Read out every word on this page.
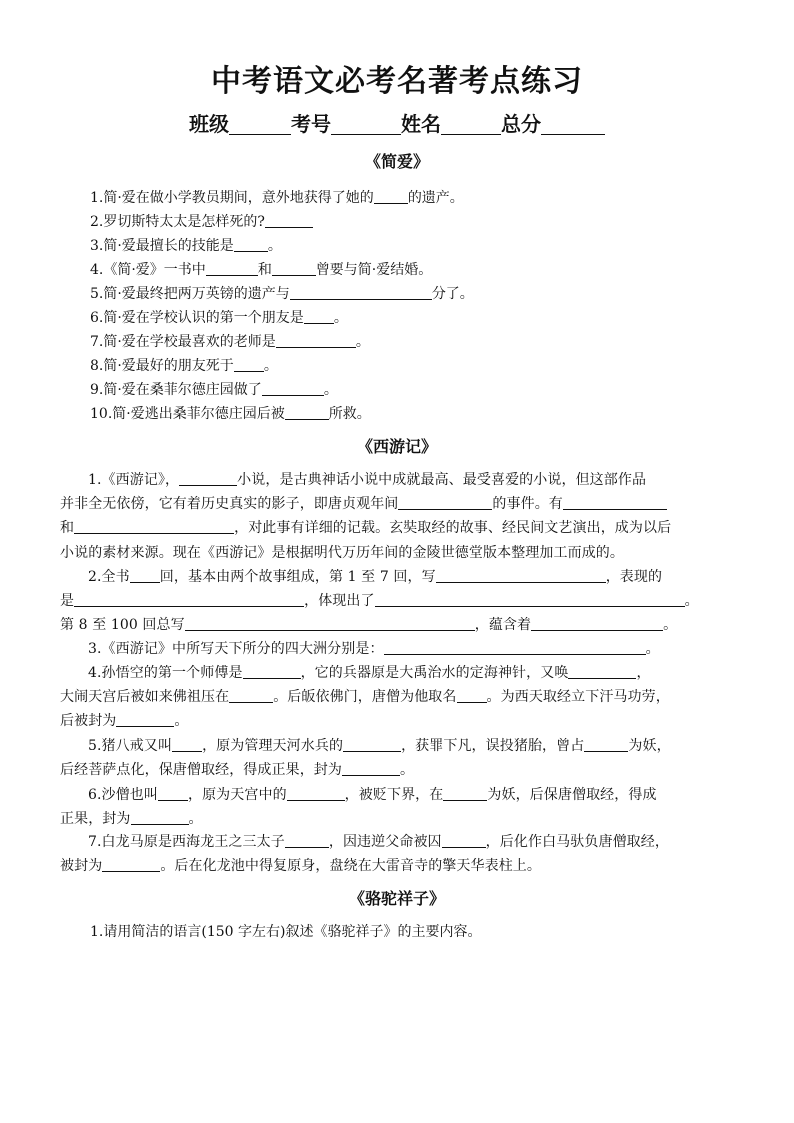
中考语文必考名著考点练习
班级	考号	姓名	总分
《简爱》

1.简·爱在做小学教员期间，意外地获得了她的 的遗产。

2.罗切斯特太太是怎样死的?

3.简·爱最擅长的技能是 。

4.《简·爱》一书中	和	曾要与简·爱结婚。

5.简·爱最终把两万英镑的遗产与	分了。

6.简·爱在学校认识的第一个朋友是 。

7.简·爱在学校最喜欢的老师是	。

8.简·爱最好的朋友死于 。

9.简·爱在桑菲尔德庄园做了	。

10.简·爱逃出桑菲尔德庄园后被	所救。

《西游记》
1.《西游记》，	小说，是古典神话小说中成就最高、最受喜爱的小说，但这部作品
并非全无依傍，它有着历史真实的影子，即唐贞观年间	的事件。有
和	，对此事有详细的记载。玄奘取经的故事、经民间文艺演出，成为以后
小说的素材来源。现在《西游记》是根据明代万历年间的金陵世德堂版本整理加工而成的。
2.全书 回，基本由两个故事组成，第 1 至 7 回，写	，表现的
是	，体现出了	。
第 8 至 100 回总写	，蕴含着	。
3.《西游记》中所写天下所分的四大洲分别是：	。
4.孙悟空的第一个师傅是	，它的兵器原是大禹治水的定海神针，又唤	，
大闹天宫后被如来佛祖压在	。后皈依佛门，唐僧为他取名 。为西天取经立下汗马功劳，
后被封为	。
5.猪八戒又叫 ，原为管理天河水兵的	，获罪下凡，误投猪胎，曾占	为妖，
后经菩萨点化，保唐僧取经，得成正果，封为	。
6.沙僧也叫 ，原为天宫中的	，被贬下界，在	为妖，后保唐僧取经，得成
正果，封为	。
7.白龙马原是西海龙王之三太子	，因违逆父命被囚	，后化作白马驮负唐僧取经，
被封为	。后在化龙池中得复原身，盘绕在大雷音寺的擎天华表柱上。
《骆驼祥子》

1.请用简洁的语言(150 字左右)叙述《骆驼祥子》的主要内容。
